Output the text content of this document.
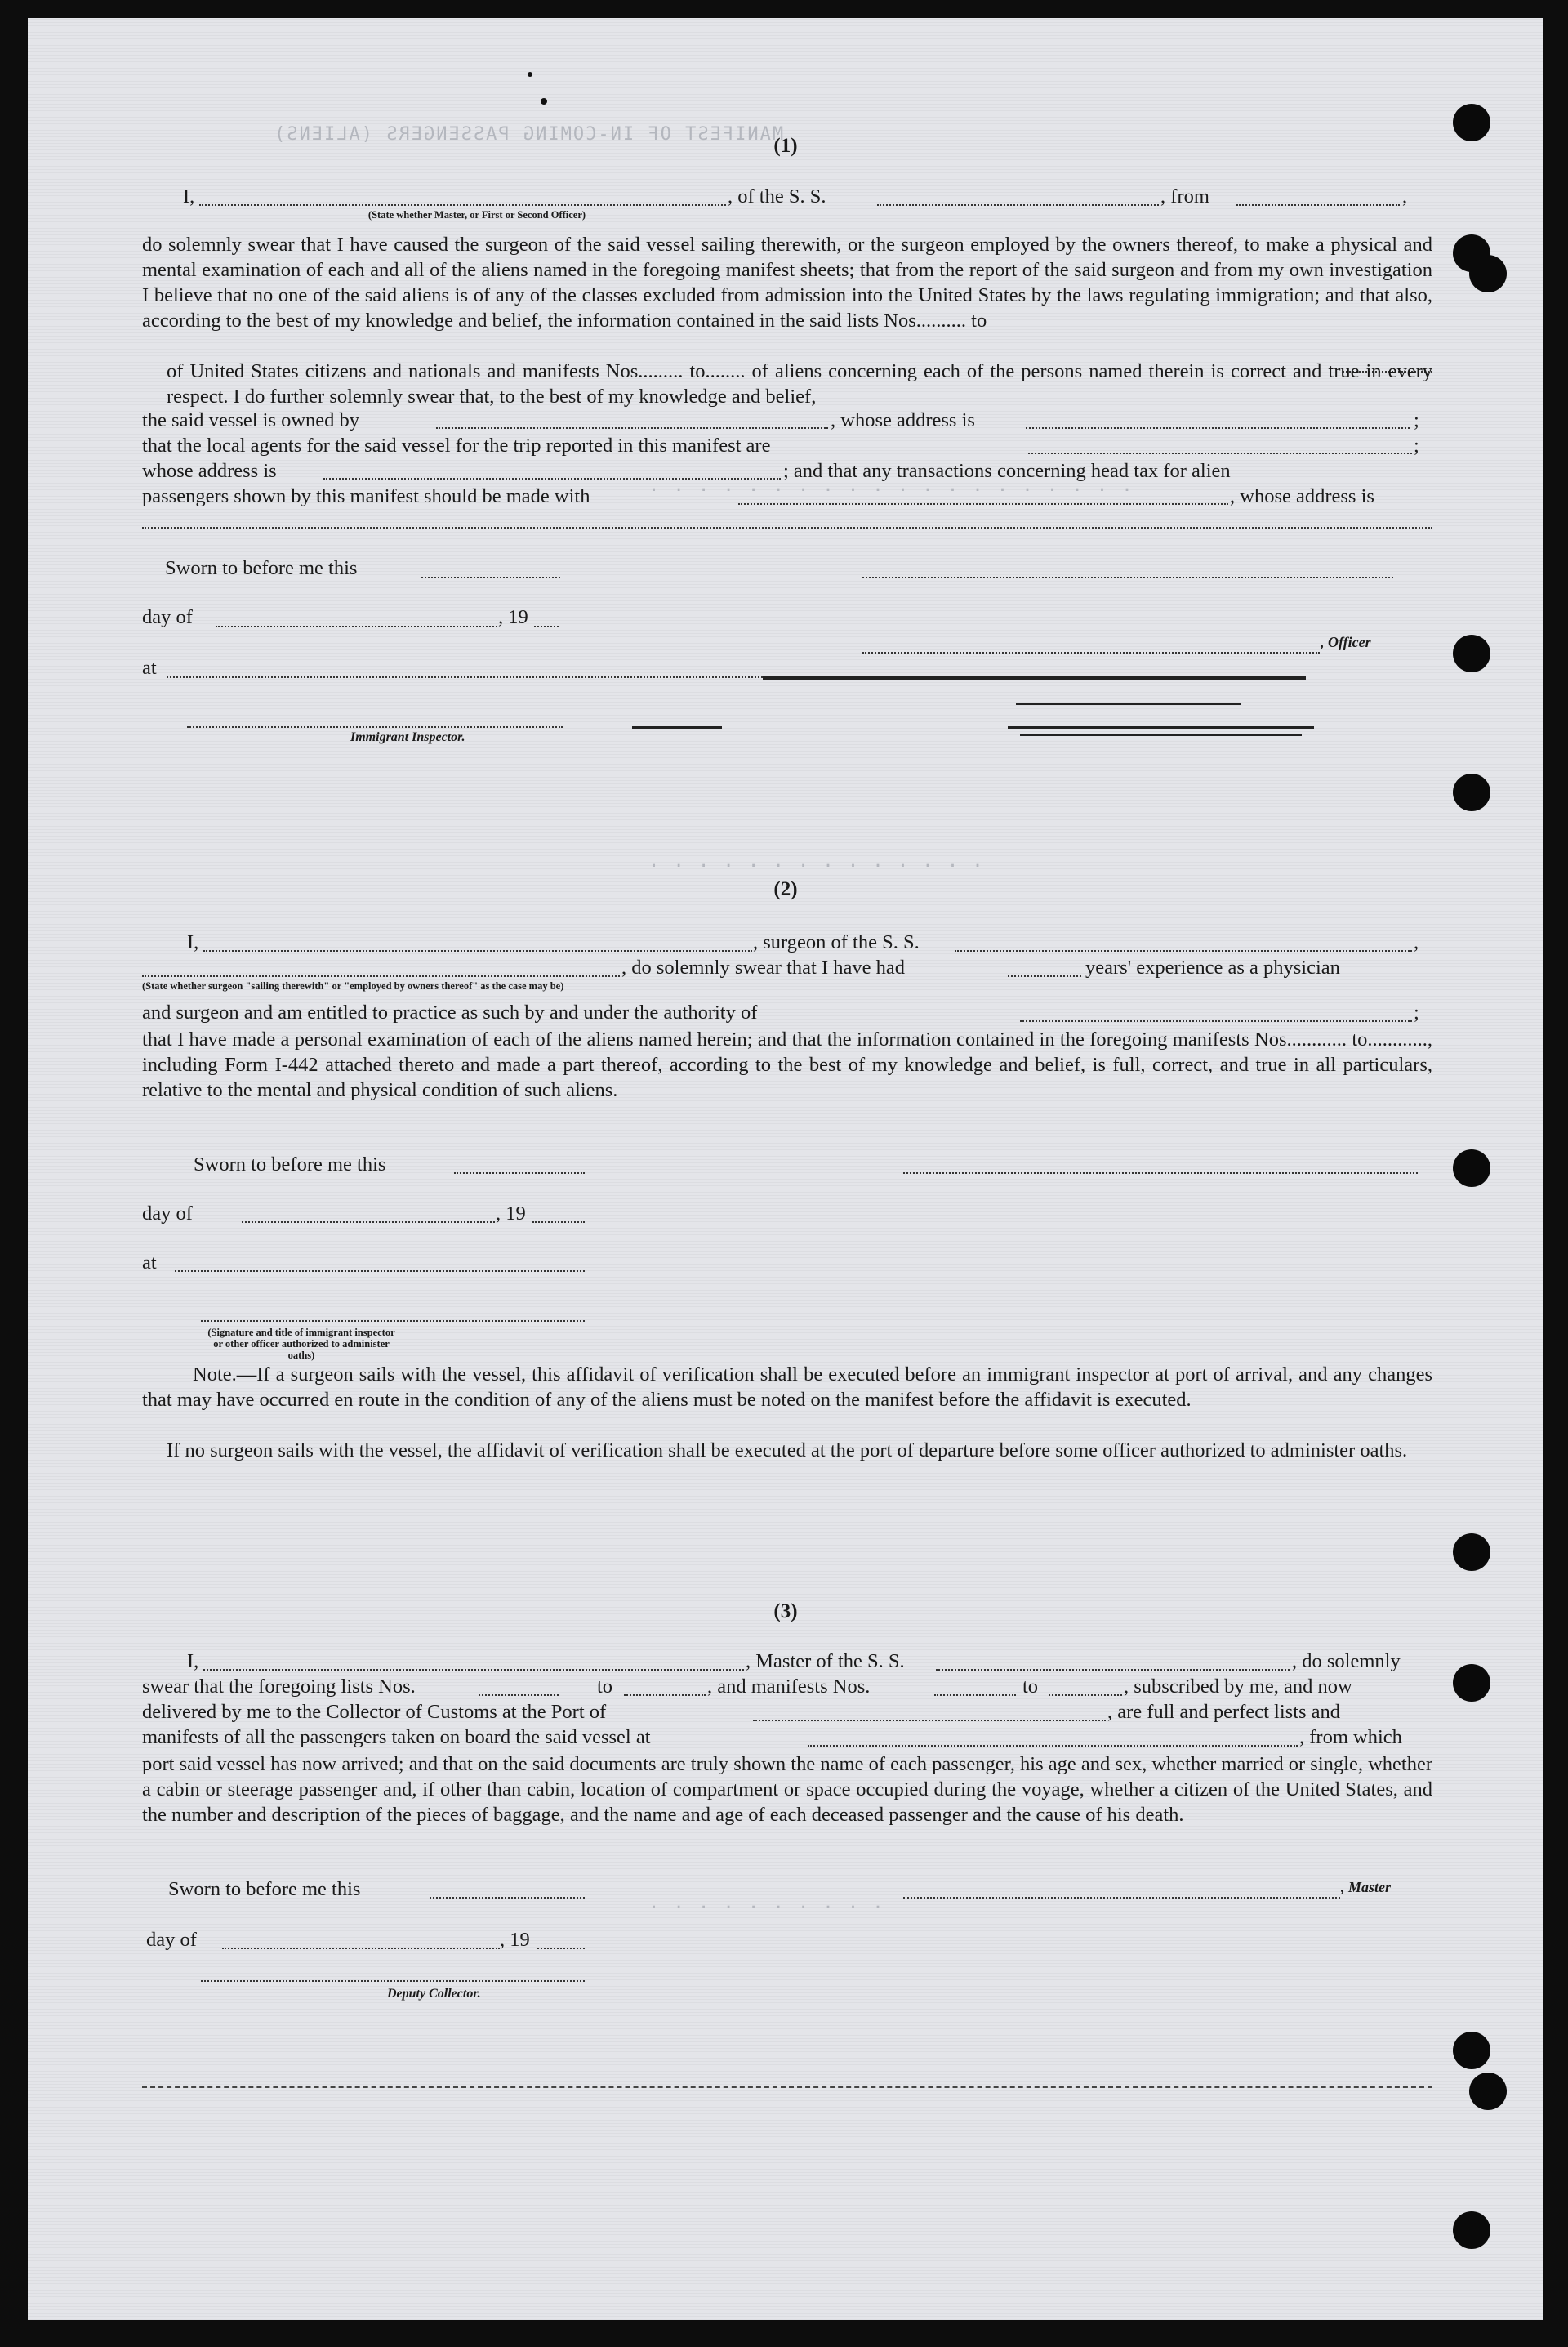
MANIFEST OF IN-COMING PASSENGERS (ALIENS)
. . . . . . . . . . . . . . . . . . . .
. . . . . . . . . . . . . .
. . . . . . . . . .
(1)
I,	, of the S. S.	, from	,
(State whether Master, or First or Second Officer)
do solemnly swear that I have caused the surgeon of the said vessel sailing therewith, or the surgeon employed by the owners thereof, to make a physical and mental examination of each and all of the aliens named in the foregoing manifest sheets; that from the report of the said surgeon and from my own investigation I believe that no one of the said aliens is of any of the classes excluded from admission into the United States by the laws regulating immigration; and that also, according to the best of my knowledge and belief, the information contained in the said lists Nos.......... to
of United States citizens and nationals and manifests Nos......... to........ of aliens concerning each of the persons named therein is correct and true in every respect. I do further solemnly swear that, to the best of my knowledge and belief,
the said vessel is owned by	, whose address is	;
that the local agents for the said vessel for the trip reported in this manifest are	;
whose address is	; and that any transactions concerning head tax for alien
passengers shown by this manifest should be made with	, whose address is
Sworn to before me this
day of	, 19
, Officer
at
Immigrant Inspector.
(2)
I,	, surgeon of the S. S.	,
, do solemnly swear that I have had	years' experience as a physician
(State whether surgeon "sailing therewith" or "employed by owners thereof" as the case may be)
and surgeon and am entitled to practice as such by and under the authority of	;
that I have made a personal examination of each of the aliens named herein; and that the information contained in the foregoing manifests Nos............ to............, including Form I-442 attached thereto and made a part thereof, according to the best of my knowledge and belief, is full, correct, and true in all particulars, relative to the mental and physical condition of such aliens.
Sworn to before me this
day of	, 19
at
(Signature and title of immigrant inspector or other officer authorized to administer oaths)
Note.—If a surgeon sails with the vessel, this affidavit of verification shall be executed before an immigrant inspector at port of arrival, and any changes that may have occurred en route in the condition of any of the aliens must be noted on the manifest before the affidavit is executed.
If no surgeon sails with the vessel, the affidavit of verification shall be executed at the port of departure before some officer authorized to administer oaths.
(3)
I,	, Master of the S. S.	, do solemnly
swear that the foregoing lists Nos.	to	, and manifests Nos.	to	, subscribed by me, and now
delivered by me to the Collector of Customs at the Port of	, are full and perfect lists and
manifests of all the passengers taken on board the said vessel at	, from which
port said vessel has now arrived; and that on the said documents are truly shown the name of each passenger, his age and sex, whether married or single, whether a cabin or steerage passenger and, if other than cabin, location of compartment or space occupied during the voyage, whether a citizen of the United States, and the number and description of the pieces of baggage, and the name and age of each deceased passenger and the cause of his death.
Sworn to before me this	, Master
day of	, 19
Deputy Collector.
